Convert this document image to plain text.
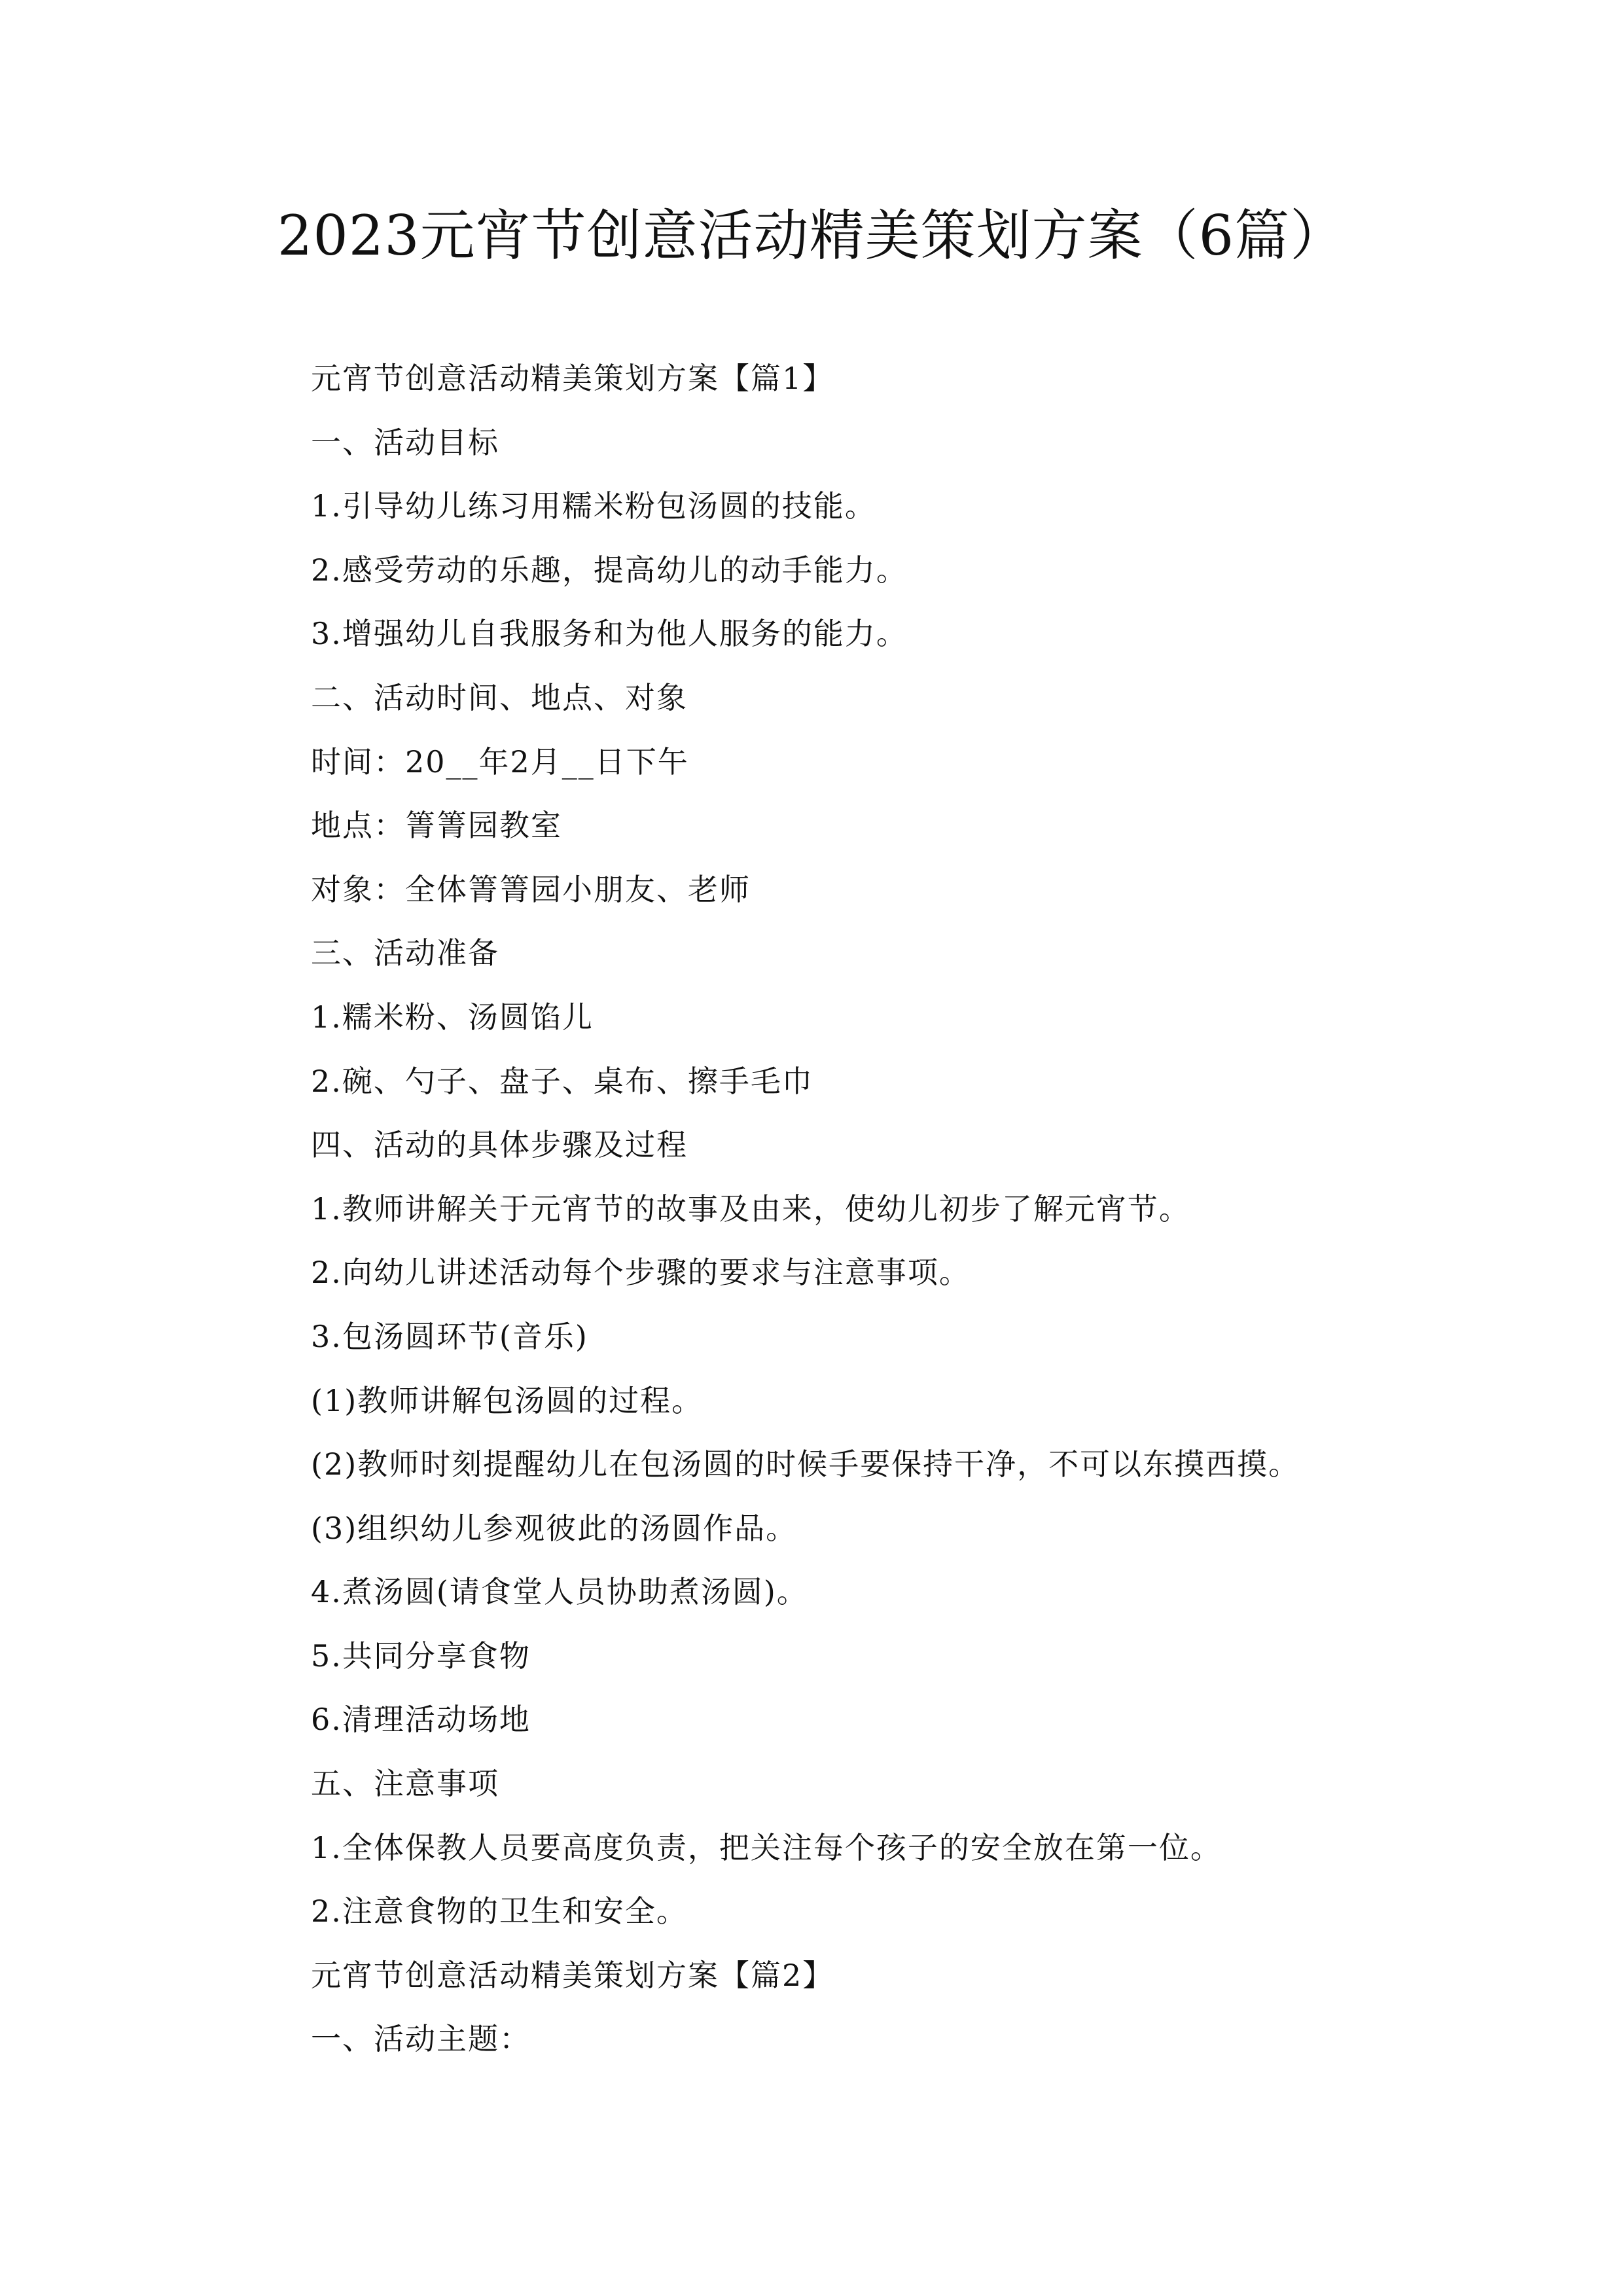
2023元宵节创意活动精美策划方案（6篇）
元宵节创意活动精美策划方案【篇1】
一、活动目标
1.引导幼儿练习用糯米粉包汤圆的技能。
2.感受劳动的乐趣，提高幼儿的动手能力。
3.增强幼儿自我服务和为他人服务的能力。
二、活动时间、地点、对象
时间：20__年2月__日下午
地点：箐箐园教室
对象：全体箐箐园小朋友、老师
三、活动准备
1.糯米粉、汤圆馅儿
2.碗、勺子、盘子、桌布、擦手毛巾
四、活动的具体步骤及过程
1.教师讲解关于元宵节的故事及由来，使幼儿初步了解元宵节。
2.向幼儿讲述活动每个步骤的要求与注意事项。
3.包汤圆环节(音乐)
(1)教师讲解包汤圆的过程。
(2)教师时刻提醒幼儿在包汤圆的时候手要保持干净，不可以东摸西摸。
(3)组织幼儿参观彼此的汤圆作品。
4.煮汤圆(请食堂人员协助煮汤圆)。
5.共同分享食物
6.清理活动场地
五、注意事项
1.全体保教人员要高度负责，把关注每个孩子的安全放在第一位。
2.注意食物的卫生和安全。
元宵节创意活动精美策划方案【篇2】
一、活动主题：
